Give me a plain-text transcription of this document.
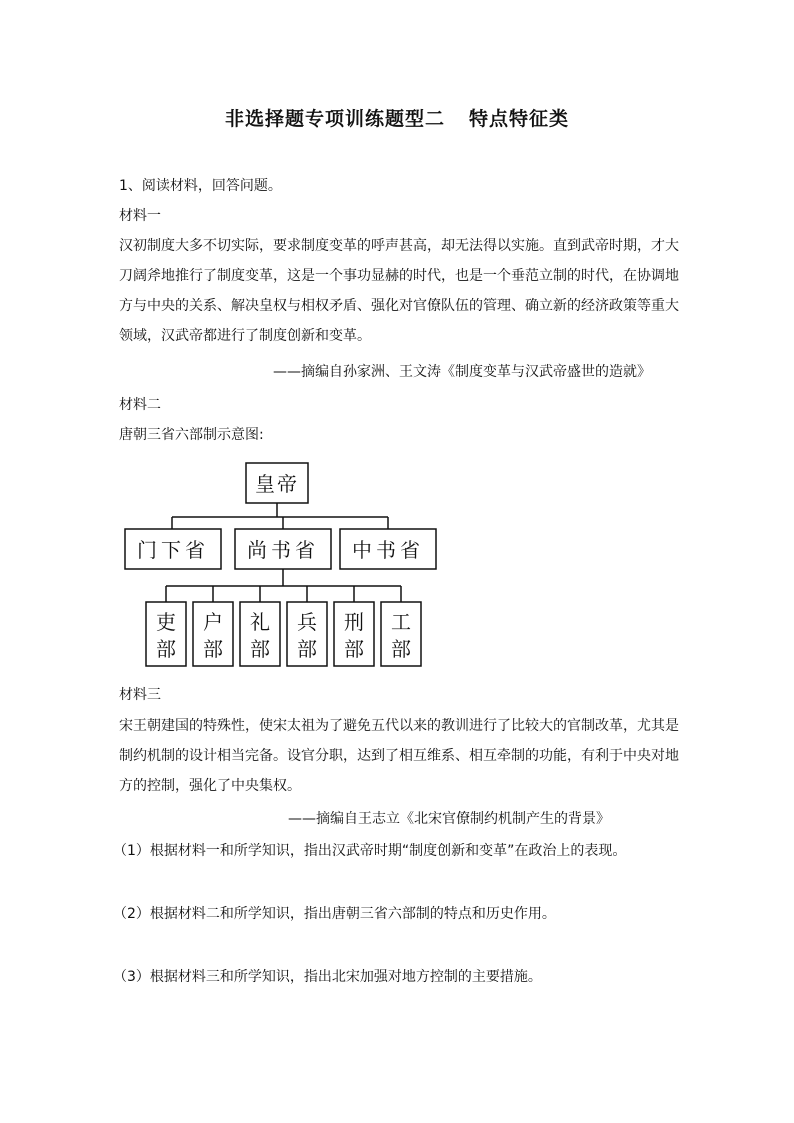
非选择题专项训练题型二 特点特征类
1、阅读材料，回答问题。
材料一
汉初制度大多不切实际，要求制度变革的呼声甚高，却无法得以实施。直到武帝时期，才大刀阔斧地推行了制度变革，这是一个事功显赫的时代，也是一个垂范立制的时代，在协调地方与中央的关系、解决皇权与相权矛盾、强化对官僚队伍的管理、确立新的经济政策等重大领域，汉武帝都进行了制度创新和变革。
——摘编自孙家洲、王文涛《制度变革与汉武帝盛世的造就》
材料二
唐朝三省六部制示意图:
皇帝
门下省 尚书省 中书省
吏
部
户
部
礼
部
兵
部
刑
部
工
部
材料三
宋王朝建国的特殊性，使宋太祖为了避免五代以来的教训进行了比较大的官制改革，尤其是制约机制的设计相当完备。设官分职，达到了相互维系、相互牵制的功能，有利于中央对地方的控制，强化了中央集权。
——摘编自王志立《北宋官僚制约机制产生的背景》
（1）根据材料一和所学知识，指出汉武帝时期“制度创新和变革”在政治上的表现。
（2）根据材料二和所学知识，指出唐朝三省六部制的特点和历史作用。
（3）根据材料三和所学知识，指出北宋加强对地方控制的主要措施。
